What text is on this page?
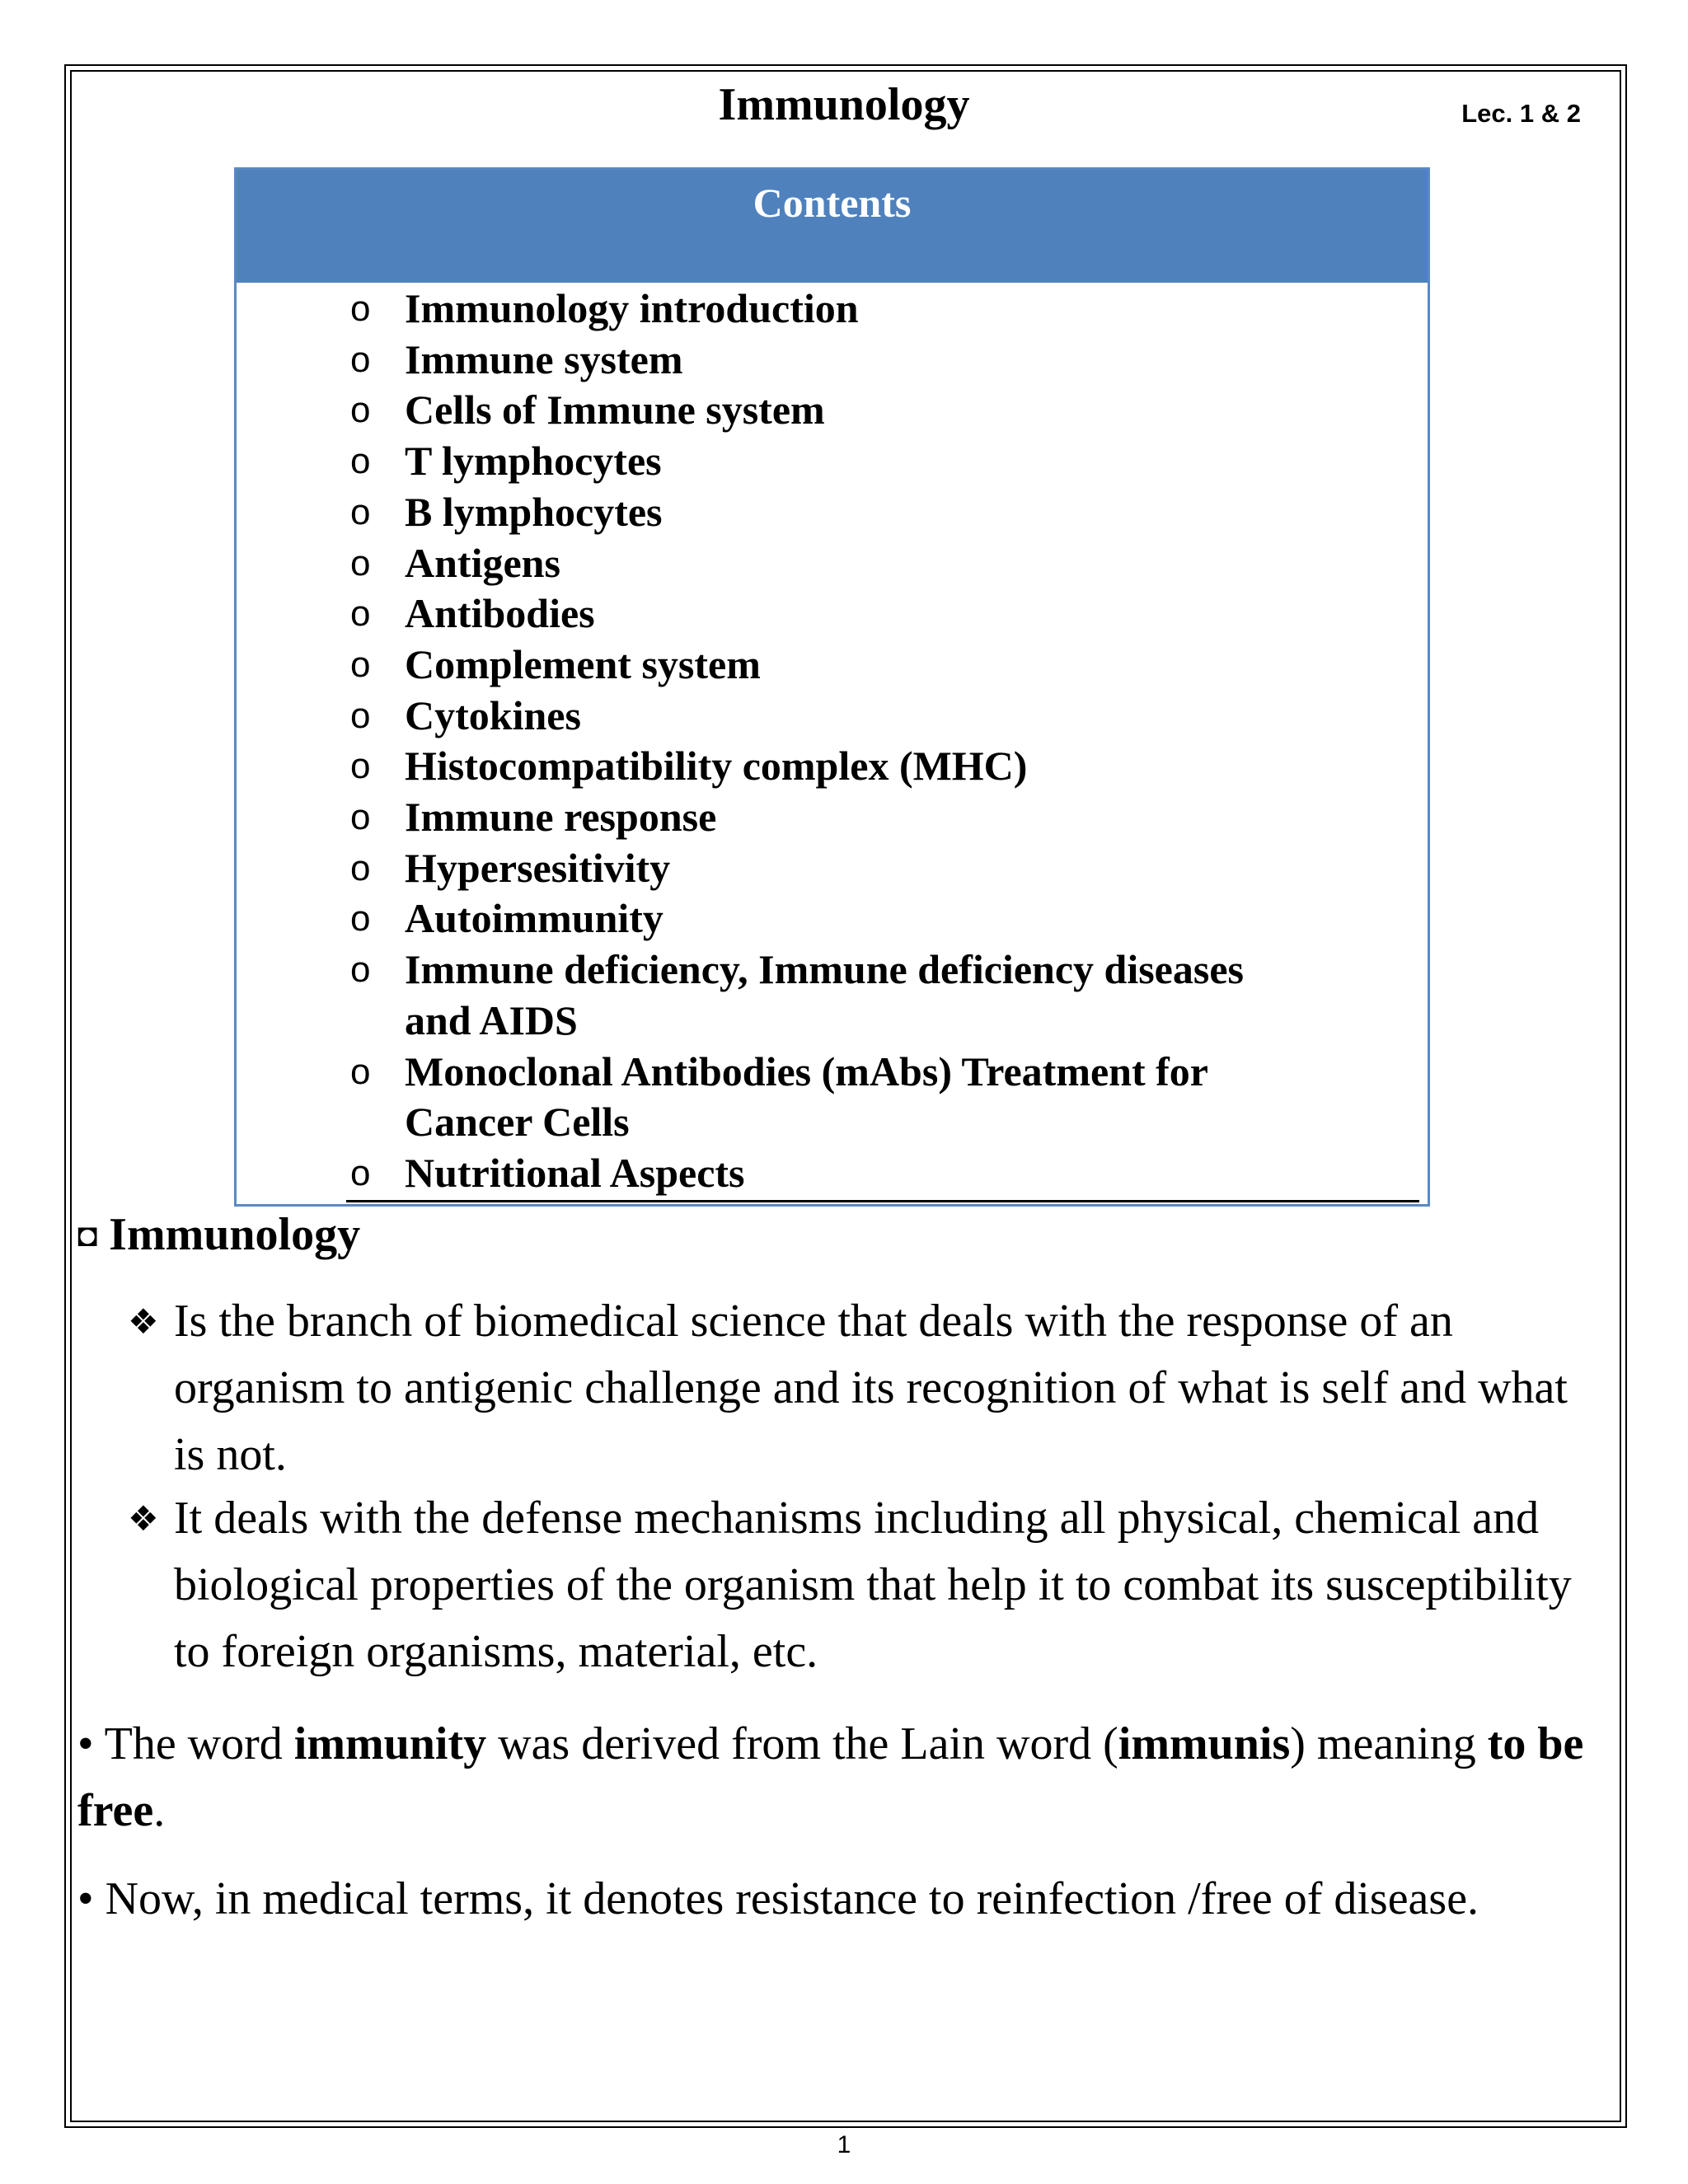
Immunology	Lec. 1 & 2
Contents
o Immunology introduction
o Immune system
o Cells of Immune system
o T lymphocytes
o B lymphocytes
o Antigens
o Antibodies
o Complement system
o Cytokines
o Histocompatibility complex (MHC)
o Immune response
o Hypersesitivity
o Autoimmunity
o Immune deficiency, Immune deficiency diseases and AIDS
o Monoclonal Antibodies (mAbs) Treatment for Cancer Cells
o Nutritional Aspects
◘ Immunology
❖ Is the branch of biomedical science that deals with the response of an organism to antigenic challenge and its recognition of what is self and what is not.
❖ It deals with the defense mechanisms including all physical, chemical and biological properties of the organism that help it to combat its susceptibility to foreign organisms, material, etc.
• The word immunity was derived from the Lain word (immunis) meaning to be free.
• Now, in medical terms, it denotes resistance to reinfection /free of disease.
1
